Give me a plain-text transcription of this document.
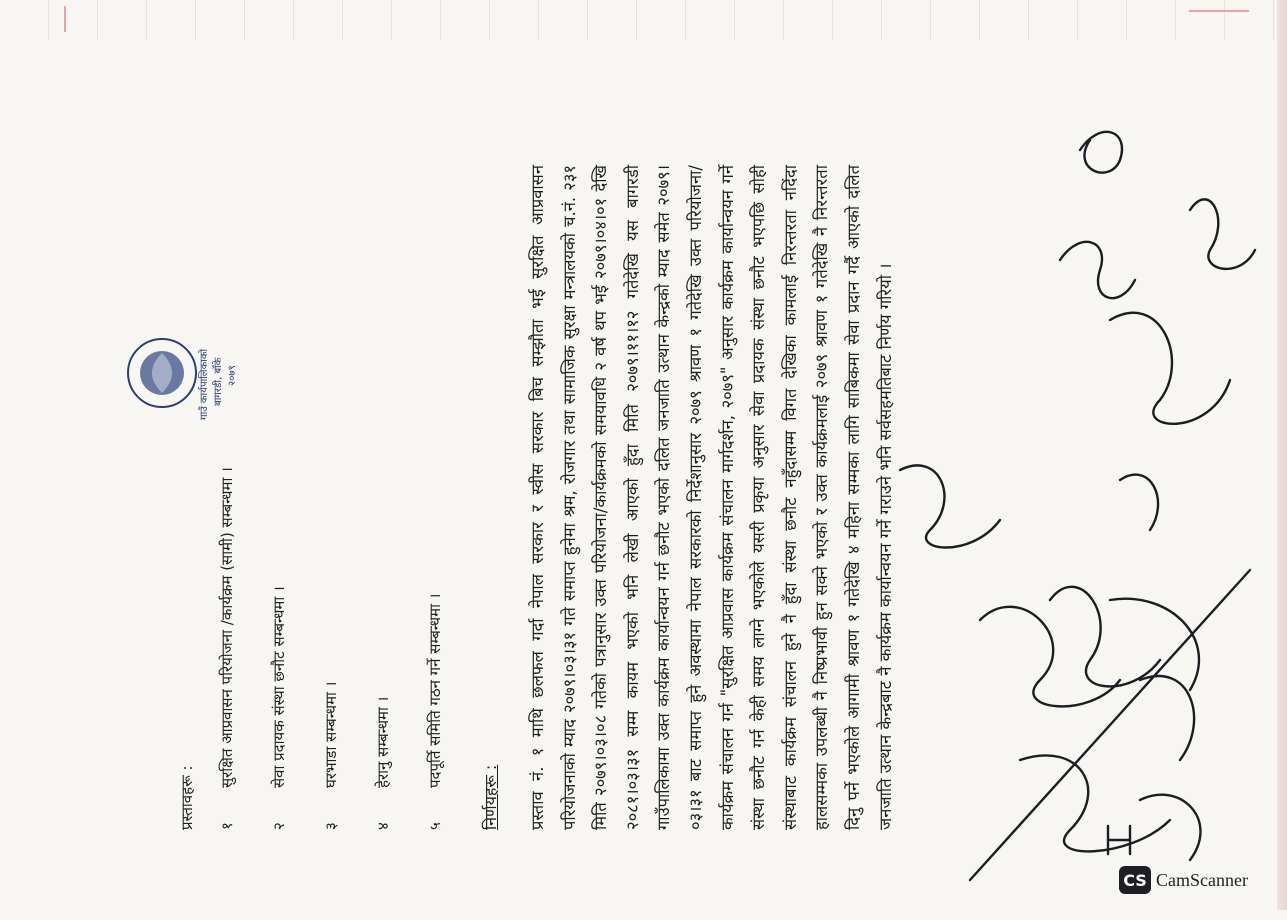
प्रस्तावहरू : १
सुरक्षित आप्रवासन परियोजना /कार्यक्रम (सामी) सम्बन्धमा ।
२
सेवा प्रदायक संस्था छनौट सम्बन्धमा ।
३
घरभाडा सम्बन्धमा ।
४
हेरानु सम्बन्धमा ।
५
पदपूर्ति समिति गठन गर्ने सम्बन्धमा ।
गाउँ कार्यपालिकाको बागरडी, बाँके २०७९
निर्णयहरू :	प्रस्ताव नं. १ माथि छलफल गर्दा नेपाल सरकार र स्वीस सरकार बिच सम्झौता भई सुरक्षित आप्रवासन परियोजनाको म्याद २०७९।०३।३१ गते समाप्त हुनेमा श्रम, रोजगार तथा सामाजिक सुरक्षा मन्त्रालयको च.नं. २३१ मिति २०७९।०३।०८ गतेको पत्रानुसार उक्त परियोजना/कार्यक्रमको समयावधि २ वर्ष थप भई २०७९।०४।०१ देखि २०८१।०३।३१ सम्म कायम भएको भनि लेखी आएको हुँदा मिति २०७९।११।१२ गतेदेखि यस बागरडी गाउँपालिकामा उक्त कार्यक्रम कार्यान्वयन गर्न छनौट भएको दलित जनजाति उत्थान केन्द्रको म्याद समेत २०७९।०३।३१ बाट समाप्त हुने अवस्थामा नेपाल सरकारको निर्देशानुसार २०७९ श्रावण १ गतेदेखि उक्त परियोजना/कार्यक्रम संचालन गर्न "सुरक्षित आप्रवास कार्यक्रम संचालन मार्गदर्शन, २०७९" अनुसार कार्यक्रम कार्यान्वयन गर्ने संस्था छनौट गर्न केही समय लाग्ने भएकोले यसरी प्रकृया अनुसार सेवा प्रदायक संस्था छनौट भएपछि सोही संस्थाबाट कार्यक्रम संचालन हुने नै हुँदा संस्था छनौट नहुँदासम्म विगत देखिका कामलाई निरन्तरता नदिंदा हालसम्मका उपलब्धी नै निष्प्रभावी हुन सक्ने भएको र उक्त कार्यक्रमलाई २०७९ श्रावण १ गतेदेखि नै निरन्तरता दिनु पर्ने भएकोले आगामी श्रावण १ गतेदेखि ४ महिना सम्मका लागि साबिकमा सेवा प्रदान गर्दै आएको दलित जनजाति उत्थान केन्द्रबाट नै कार्यक्रम कार्यान्वयन गर्ने गराउने भनि सर्वसहमतिबाट निर्णय गरियो ।

CS CamScanner
